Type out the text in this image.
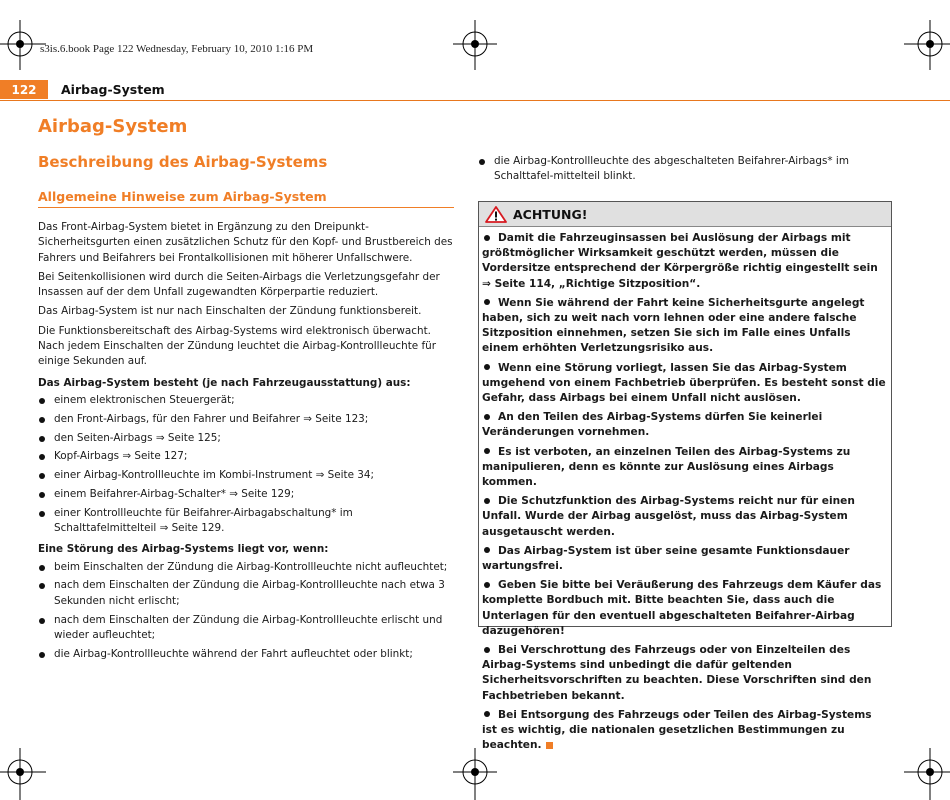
s3is.6.book Page 122 Wednesday, February 10, 2010 1:16 PM
122	Airbag-System
Airbag-System
Beschreibung des Airbag-Systems
Allgemeine Hinweise zum Airbag-System

Das Front-Airbag-System bietet in Ergänzung zu den Dreipunkt-Sicherheitsgurten einen zusätzlichen Schutz für den Kopf- und Brustbereich des Fahrers und Beifahrers bei Frontalkollisionen mit höherer Unfallschwere.

Bei Seitenkollisionen wird durch die Seiten-Airbags die Verletzungsgefahr der Insassen auf der dem Unfall zugewandten Körperpartie reduziert.

Das Airbag-System ist nur nach Einschalten der Zündung funktionsbereit.

Die Funktionsbereitschaft des Airbag-Systems wird elektronisch überwacht. Nach jedem Einschalten der Zündung leuchtet die Airbag-Kontrollleuchte für einige Sekunden auf.

Das Airbag-System besteht (je nach Fahrzeugausstattung) aus:

einem elektronischen Steuergerät;
den Front-Airbags, für den Fahrer und Beifahrer ⇒ Seite 123;
den Seiten-Airbags ⇒ Seite 125;
Kopf-Airbags ⇒ Seite 127;
einer Airbag-Kontrollleuchte im Kombi-Instrument ⇒ Seite 34;
einem Beifahrer-Airbag-Schalter* ⇒ Seite 129;
einer Kontrollleuchte für Beifahrer-Airbagabschaltung* im Schalttafelmittelteil ⇒ Seite 129.

Eine Störung des Airbag-Systems liegt vor, wenn:

beim Einschalten der Zündung die Airbag-Kontrollleuchte nicht aufleuchtet;
nach dem Einschalten der Zündung die Airbag-Kontrollleuchte nach etwa 3 Sekunden nicht erlischt;
nach dem Einschalten der Zündung die Airbag-Kontrollleuchte erlischt und wieder aufleuchtet;
die Airbag-Kontrollleuchte während der Fahrt aufleuchtet oder blinkt;
die Airbag-Kontrollleuchte des abgeschalteten Beifahrer-Airbags* im Schalttafel-mittelteil blinkt.
ACHTUNG!
Damit die Fahrzeuginsassen bei Auslösung der Airbags mit größtmöglicher Wirksamkeit geschützt werden, müssen die Vordersitze entsprechend der Körpergröße richtig eingestellt sein ⇒ Seite 114, „Richtige Sitzposition“.
Wenn Sie während der Fahrt keine Sicherheitsgurte angelegt haben, sich zu weit nach vorn lehnen oder eine andere falsche Sitzposition einnehmen, setzen Sie sich im Falle eines Unfalls einem erhöhten Verletzungsrisiko aus.
Wenn eine Störung vorliegt, lassen Sie das Airbag-System umgehend von einem Fachbetrieb überprüfen. Es besteht sonst die Gefahr, dass Airbags bei einem Unfall nicht auslösen.
An den Teilen des Airbag-Systems dürfen Sie keinerlei Veränderungen vornehmen.
Es ist verboten, an einzelnen Teilen des Airbag-Systems zu manipulieren, denn es könnte zur Auslösung eines Airbags kommen.
Die Schutzfunktion des Airbag-Systems reicht nur für einen Unfall. Wurde der Airbag ausgelöst, muss das Airbag-System ausgetauscht werden.
Das Airbag-System ist über seine gesamte Funktionsdauer wartungsfrei.
Geben Sie bitte bei Veräußerung des Fahrzeugs dem Käufer das komplette Bordbuch mit. Bitte beachten Sie, dass auch die Unterlagen für den eventuell abgeschalteten Beifahrer-Airbag dazugehören!
Bei Verschrottung des Fahrzeugs oder von Einzelteilen des Airbag-Systems sind unbedingt die dafür geltenden Sicherheitsvorschriften zu beachten. Diese Vorschriften sind den Fachbetrieben bekannt.
Bei Entsorgung des Fahrzeugs oder Teilen des Airbag-Systems ist es wichtig, die nationalen gesetzlichen Bestimmungen zu beachten.
